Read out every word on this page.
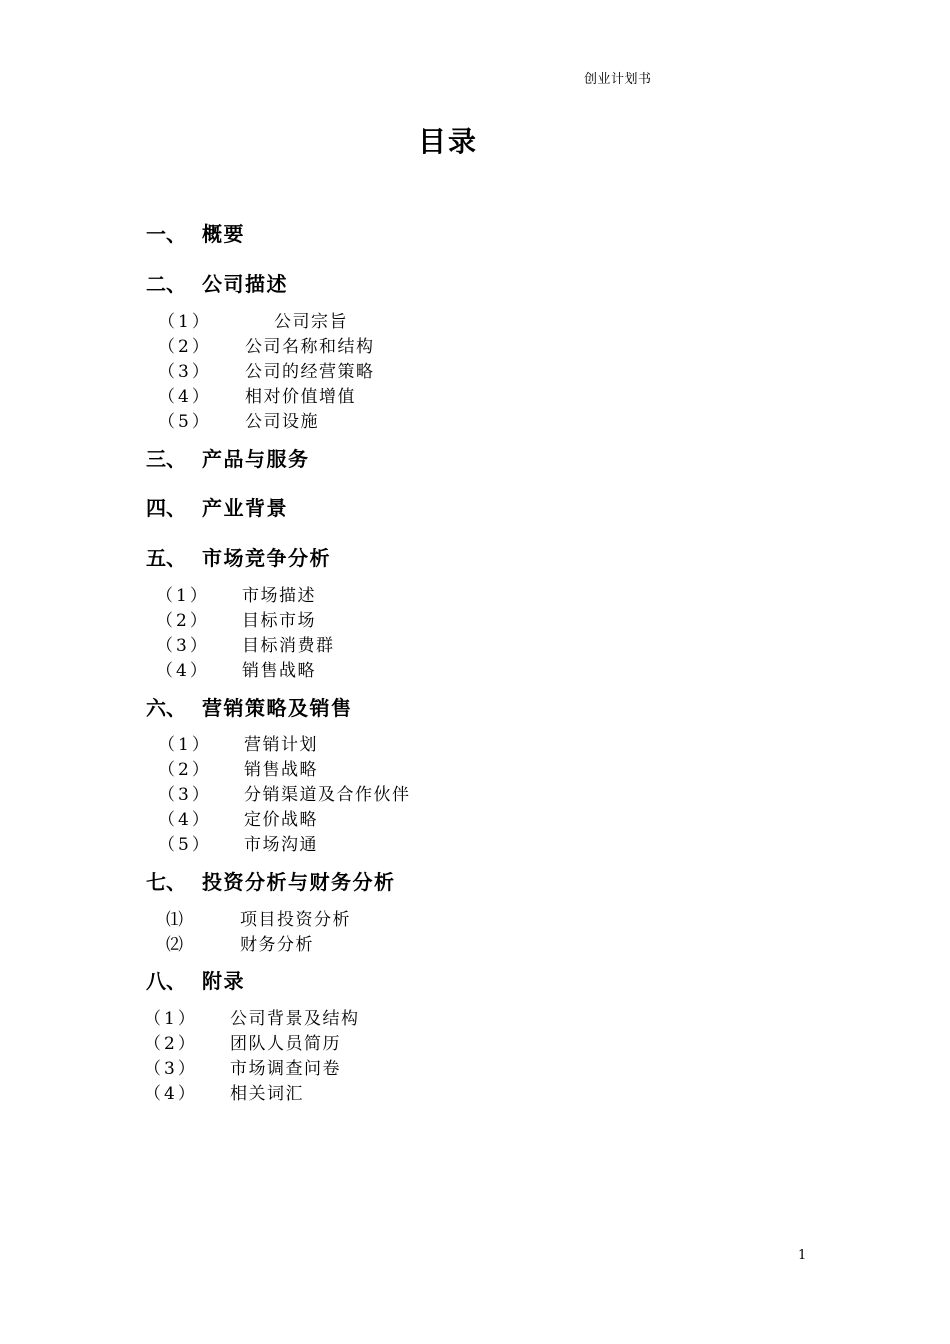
创业计划书
目录
一、 概要
二、 公司描述
（1）	公司宗旨
（2） 公司名称和结构
（3） 公司的经营策略
（4） 相对价值增值
（5） 公司设施
三、 产品与服务
四、 产业背景
五、 市场竞争分析
（1） 市场描述
（2） 目标市场
（3） 目标消费群
（4） 销售战略
六、 营销策略及销售
（1） 营销计划
（2） 销售战略
（3） 分销渠道及合作伙伴
（4） 定价战略
（5） 市场沟通
七、 投资分析与财务分析
⑴	项目投资分析
⑵	财务分析
八、 附录
（1） 公司背景及结构
（2） 团队人员简历
（3） 市场调查问卷
（4） 相关词汇
1
